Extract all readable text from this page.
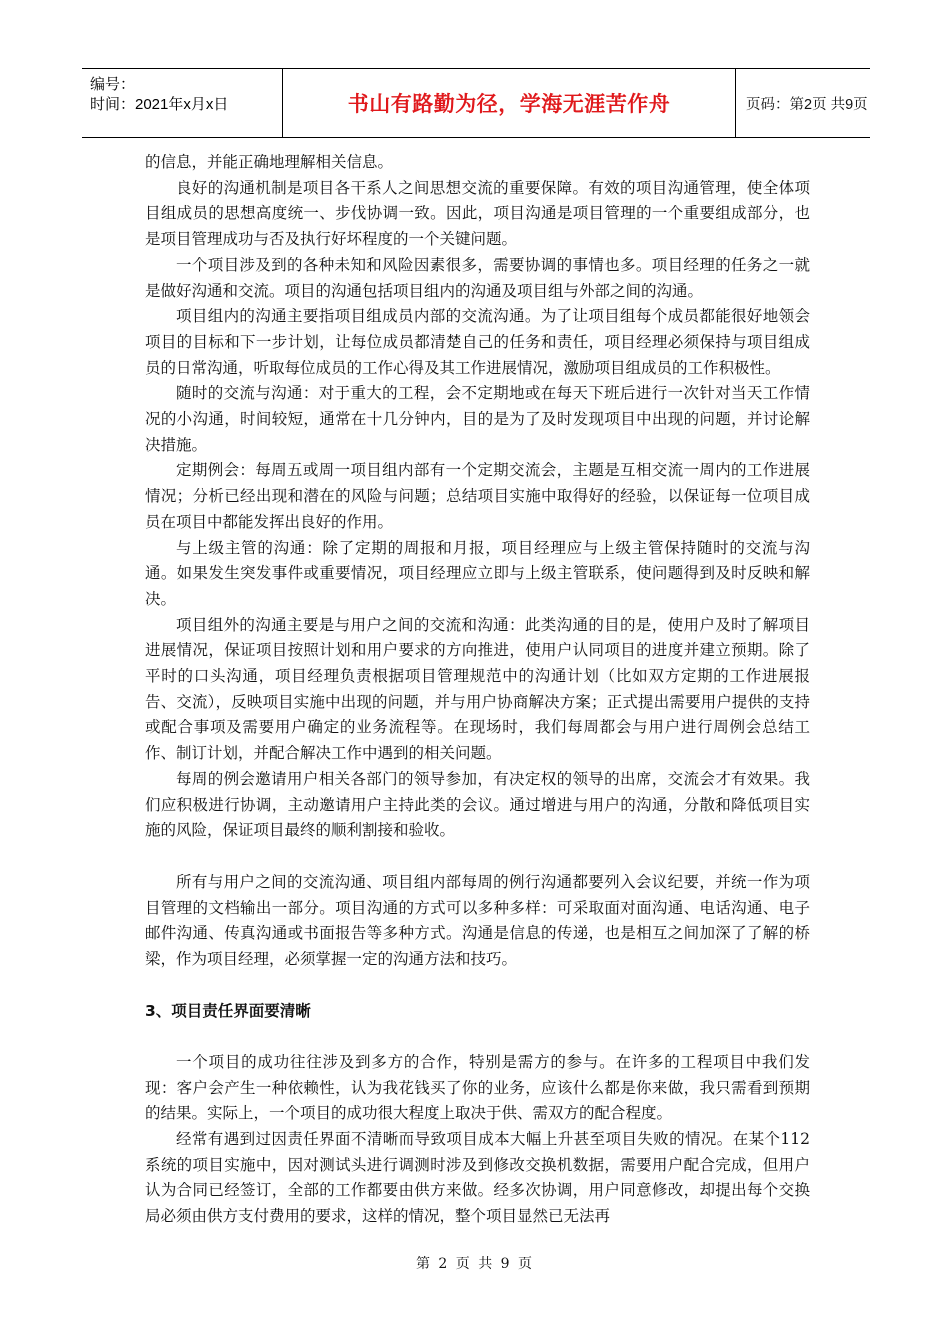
编号：
时间：2021年x月x日	书山有路勤为径，学海无涯苦作舟	页码：第2页 共9页

的信息，并能正确地理解相关信息。

良好的沟通机制是项目各干系人之间思想交流的重要保障。有效的项目沟通管理，使全体项目组成员的思想高度统一、步伐协调一致。因此，项目沟通是项目管理的一个重要组成部分，也是项目管理成功与否及执行好坏程度的一个关键问题。

一个项目涉及到的各种未知和风险因素很多，需要协调的事情也多。项目经理的任务之一就是做好沟通和交流。项目的沟通包括项目组内的沟通及项目组与外部之间的沟通。

项目组内的沟通主要指项目组成员内部的交流沟通。为了让项目组每个成员都能很好地领会项目的目标和下一步计划，让每位成员都清楚自己的任务和责任，项目经理必须保持与项目组成员的日常沟通，听取每位成员的工作心得及其工作进展情况，激励项目组成员的工作积极性。

随时的交流与沟通：对于重大的工程，会不定期地或在每天下班后进行一次针对当天工作情况的小沟通，时间较短，通常在十几分钟内，目的是为了及时发现项目中出现的问题，并讨论解决措施。

定期例会：每周五或周一项目组内部有一个定期交流会，主题是互相交流一周内的工作进展情况；分析已经出现和潜在的风险与问题；总结项目实施中取得好的经验，以保证每一位项目成员在项目中都能发挥出良好的作用。

与上级主管的沟通：除了定期的周报和月报，项目经理应与上级主管保持随时的交流与沟通。如果发生突发事件或重要情况，项目经理应立即与上级主管联系，使问题得到及时反映和解决。

项目组外的沟通主要是与用户之间的交流和沟通：此类沟通的目的是，使用户及时了解项目进展情况，保证项目按照计划和用户要求的方向推进，使用户认同项目的进度并建立预期。除了平时的口头沟通，项目经理负责根据项目管理规范中的沟通计划（比如双方定期的工作进展报告、交流），反映项目实施中出现的问题，并与用户协商解决方案；正式提出需要用户提供的支持或配合事项及需要用户确定的业务流程等。在现场时，我们每周都会与用户进行周例会总结工作、制订计划，并配合解决工作中遇到的相关问题。

每周的例会邀请用户相关各部门的领导参加，有决定权的领导的出席，交流会才有效果。我们应积极进行协调，主动邀请用户主持此类的会议。通过增进与用户的沟通，分散和降低项目实施的风险，保证项目最终的顺利割接和验收。

所有与用户之间的交流沟通、项目组内部每周的例行沟通都要列入会议纪要，并统一作为项目管理的文档输出一部分。项目沟通的方式可以多种多样：可采取面对面沟通、电话沟通、电子邮件沟通、传真沟通或书面报告等多种方式。沟通是信息的传递，也是相互之间加深了了解的桥梁，作为项目经理，必须掌握一定的沟通方法和技巧。

3、项目责任界面要清晰

一个项目的成功往往涉及到多方的合作，特别是需方的参与。在许多的工程项目中我们发现：客户会产生一种依赖性，认为我花钱买了你的业务，应该什么都是你来做，我只需看到预期的结果。实际上，一个项目的成功很大程度上取决于供、需双方的配合程度。

经常有遇到过因责任界面不清晰而导致项目成本大幅上升甚至项目失败的情况。在某个112系统的项目实施中，因对测试头进行调测时涉及到修改交换机数据，需要用户配合完成，但用户认为合同已经签订，全部的工作都要由供方来做。经多次协调，用户同意修改，却提出每个交换局必须由供方支付费用的要求，这样的情况，整个项目显然已无法再

第 2 页 共 9 页
